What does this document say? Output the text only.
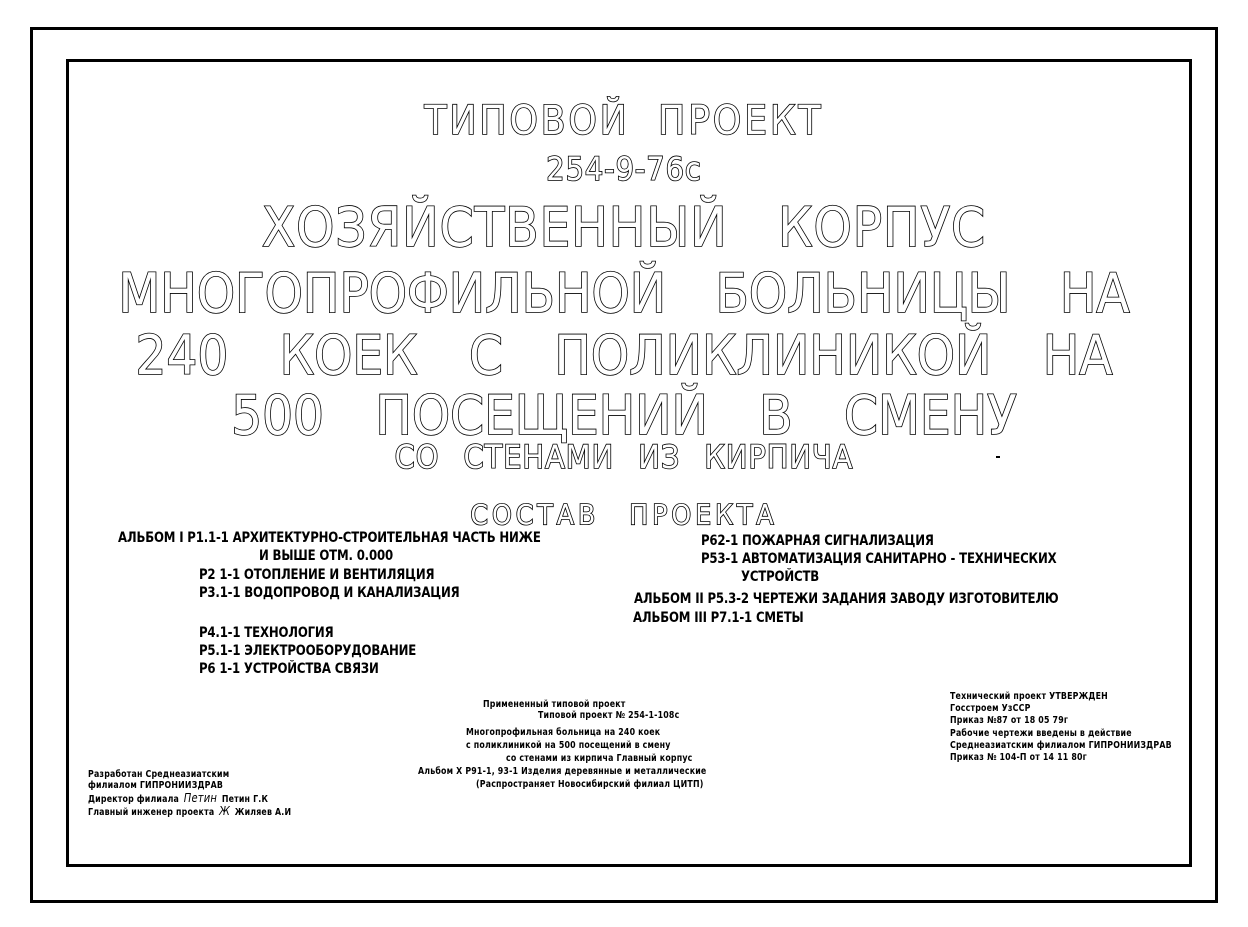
ТИПОВОЙ ПРОЕКТ
254-9-76с
ХОЗЯЙСТВЕННЫЙ КОРПУС
МНОГОПРОФИЛЬНОЙ БОЛЬНИЦЫ НА
240 КОЕК С ПОЛИКЛИНИКОЙ НА
500 ПОСЕЩЕНИЙ В СМЕНУ
СО СТЕНАМИ ИЗ КИРПИЧА
СОСТАВ ПРОЕКТА
АЛЬБОМ I Р1.1-1 АРХИТЕКТУРНО-СТРОИТЕЛЬНАЯ ЧАСТЬ НИЖЕ
И ВЫШЕ ОТМ. 0.000
Р2 1-1 ОТОПЛЕНИЕ И ВЕНТИЛЯЦИЯ
Р3.1-1 ВОДОПРОВОД И КАНАЛИЗАЦИЯ
Р4.1-1 ТЕХНОЛОГИЯ
Р5.1-1 ЭЛЕКТРООБОРУДОВАНИЕ
Р6 1-1 УСТРОЙСТВА СВЯЗИ
Р62-1 ПОЖАРНАЯ СИГНАЛИЗАЦИЯ
Р53-1 АВТОМАТИЗАЦИЯ САНИТАРНО - ТЕХНИЧЕСКИХ
УСТРОЙСТВ
АЛЬБОМ II Р5.3-2 ЧЕРТЕЖИ ЗАДАНИЯ ЗАВОДУ ИЗГОТОВИТЕЛЮ
АЛЬБОМ III Р7.1-1 СМЕТЫ
Примененный типовой проект
Типовой проект № 254-1-108с
Многопрофильная больница на 240 коек
с поликлиникой на 500 посещений в смену
со стенами из кирпича Главный корпус
Альбом Х Р91-1, 93-1 Изделия деревянные и металлические
(Распространяет Новосибирский филиал ЦИТП)
Технический проект УТВЕРЖДЕН
Госстроем УзССР
Приказ №87 от 18 05 79г
Рабочие чертежи введены в действие
Среднеазиатским филиалом ГИПРОНИИЗДРАВ
Приказ № 104-П от 14 11 80г
Разработан Среднеазиатским
филиалом ГИПРОНИИЗДРАВ
Директор филиала Петин Петин Г.К
Главный инженер проекта Ж Жиляев А.И
